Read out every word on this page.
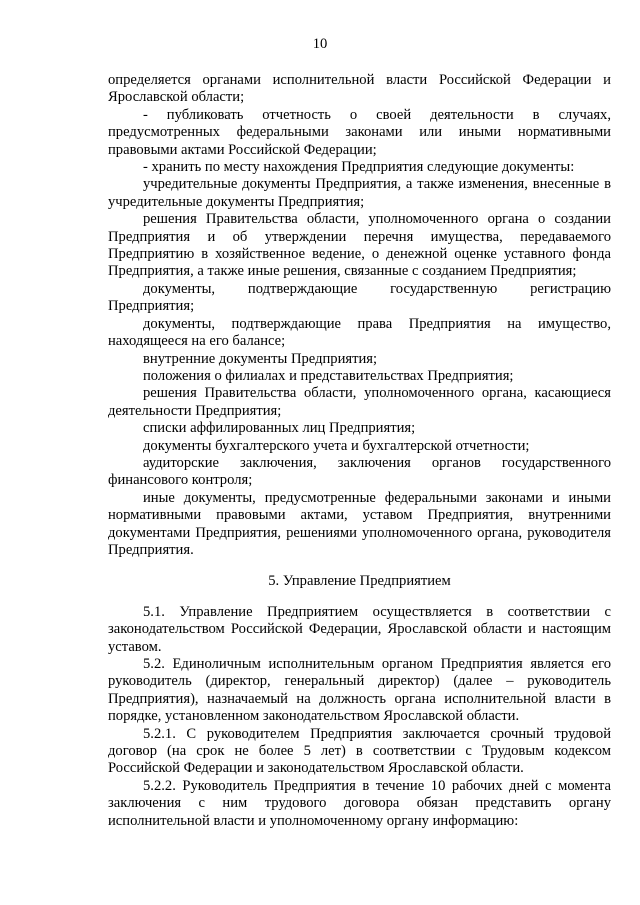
10

определяется органами исполнительной власти Российской Федерации и Ярославской области;

- публиковать отчетность о своей деятельности в случаях, предусмотренных федеральными законами или иными нормативными правовыми актами Российской Федерации;

- хранить по месту нахождения Предприятия следующие документы:

учредительные документы Предприятия, а также изменения, внесенные в учредительные документы Предприятия;

решения Правительства области, уполномоченного органа о создании Предприятия и об утверждении перечня имущества, передаваемого Предприятию в хозяйственное ведение, о денежной оценке уставного фонда Предприятия, а также иные решения, связанные с созданием Предприятия;

документы, подтверждающие государственную регистрацию Предприятия;

документы, подтверждающие права Предприятия на имущество, находящееся на его балансе;

внутренние документы Предприятия;

положения о филиалах и представительствах Предприятия;

решения Правительства области, уполномоченного органа, касающиеся деятельности Предприятия;

списки аффилированных лиц Предприятия;

документы бухгалтерского учета и бухгалтерской отчетности;

аудиторские заключения, заключения органов государственного финансового контроля;

иные документы, предусмотренные федеральными законами и иными нормативными правовыми актами, уставом Предприятия, внутренними документами Предприятия, решениями уполномоченного органа, руководителя Предприятия.

5. Управление Предприятием

5.1. Управление Предприятием осуществляется в соответствии с законодательством Российской Федерации, Ярославской области и настоящим уставом.

5.2. Единоличным исполнительным органом Предприятия является его руководитель (директор, генеральный директор) (далее – руководитель Предприятия), назначаемый на должность органа исполнительной власти в порядке, установленном законодательством Ярославской области.

5.2.1. С руководителем Предприятия заключается срочный трудовой договор (на срок не более 5 лет) в соответствии с Трудовым кодексом Российской Федерации и законодательством Ярославской области.

5.2.2. Руководитель Предприятия в течение 10 рабочих дней с момента заключения с ним трудового договора обязан представить органу исполнительной власти и уполномоченному органу информацию:
